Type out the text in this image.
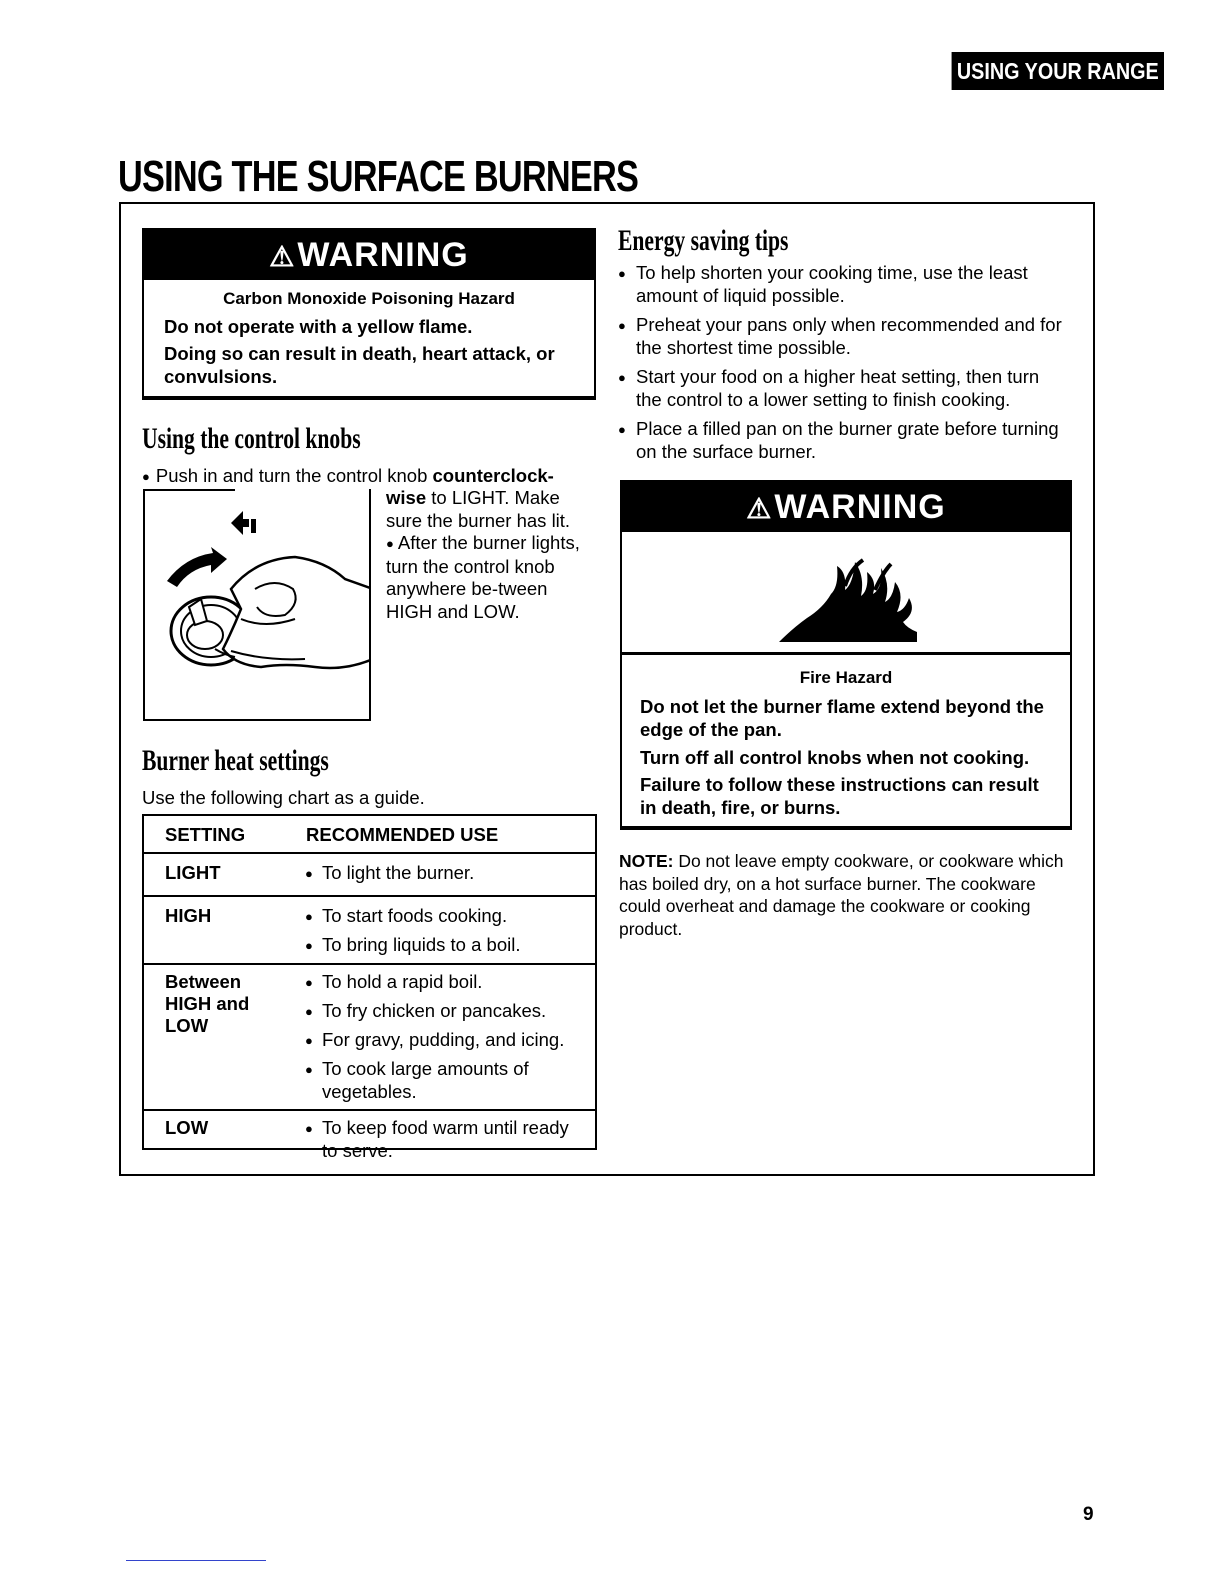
USING YOUR RANGE
USING THE SURFACE BURNERS
⚠WARNING
Carbon Monoxide Poisoning Hazard
Do not operate with a yellow flame.
Doing so can result in death, heart attack, or convulsions.
Using the control knobs
● Push in and turn the control knob counterclock-
wise to LIGHT. Make sure the burner has lit.
● After the burner lights, turn the control knob anywhere be-tween HIGH and LOW.
Burner heat settings
Use the following chart as a guide.
SETTING	RECOMMENDED USE
LIGHT	● To light the burner.

HIGH	● To start foods cooking.
● To bring liquids to a boil.

Between HIGH and LOW	● To hold a rapid boil.
● To fry chicken or pancakes.
● For gravy, pudding, and icing.
● To cook large amounts of vegetables.

LOW	● To keep food warm until ready to serve.
Energy saving tips

● To help shorten your cooking time, use the least amount of liquid possible.

● Preheat your pans only when recommended and for the shortest time possible.

● Start your food on a higher heat setting, then turn the control to a lower setting to finish cooking.

● Place a filled pan on the burner grate before turning on the surface burner.

⚠WARNING
Fire Hazard
Do not let the burner flame extend beyond the edge of the pan.
Turn off all control knobs when not cooking.
Failure to follow these instructions can result in death, fire, or burns.
NOTE: Do not leave empty cookware, or cookware which has boiled dry, on a hot surface burner. The cookware could overheat and damage the cookware or cooking product.
9
